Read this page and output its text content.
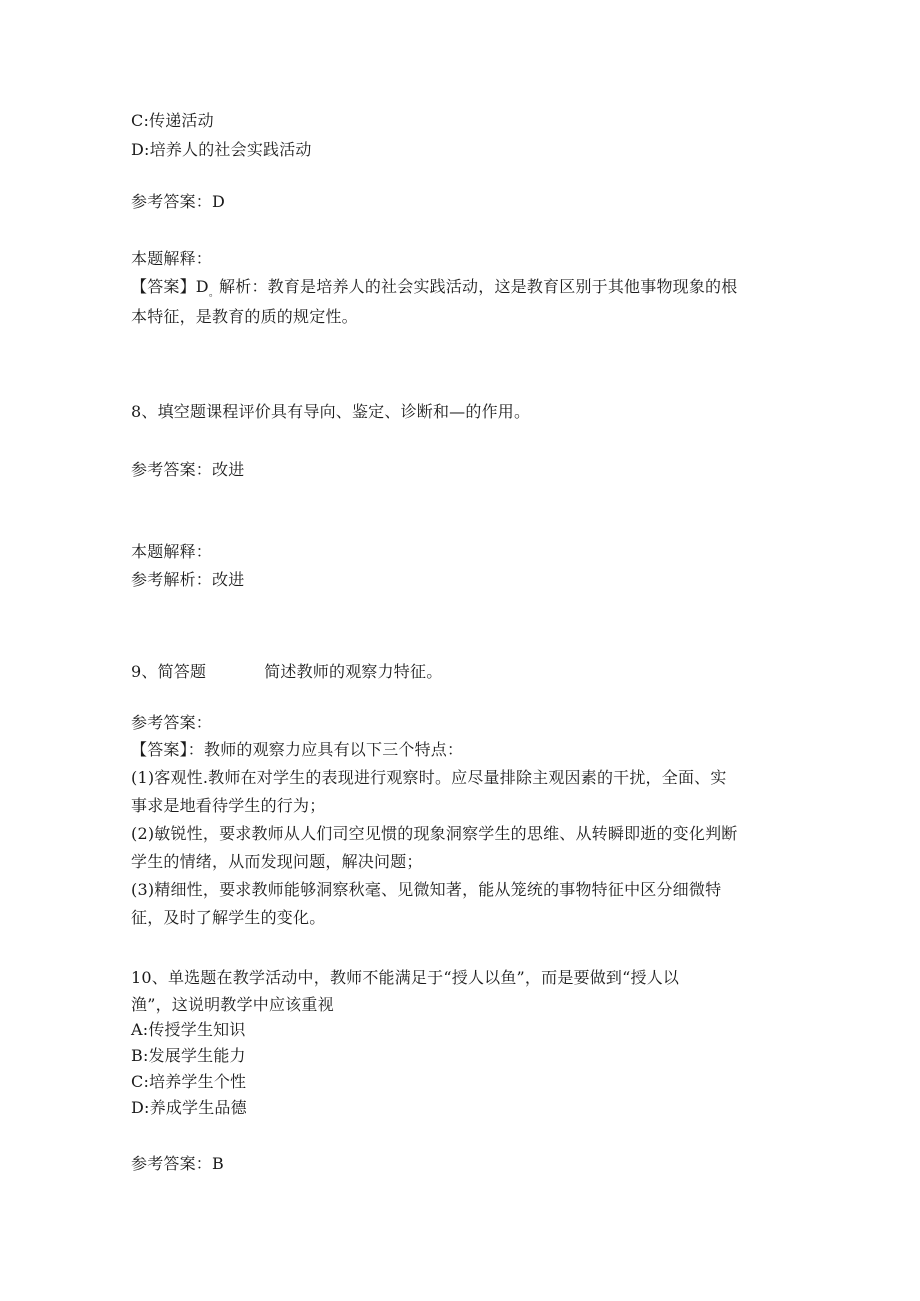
C:传递活动
D:培养人的社会实践活动
参考答案：D
本题解释：
【答案】$D_。$解析：教育是培养人的社会实践活动，这是教育区别于其他事物现象的根
本特征，是教育的质的规定性。
8、填空题课程评价具有导向、鉴定、诊断和—的作用。
参考答案：改进
本题解释：
参考解析：改进
9、简答题	简述教师的观察力特征。
参考答案：
【答案】：教师的观察力应具有以下三个特点：
(1)客观性.教师在对学生的表现进行观察时。应尽量排除主观因素的干扰，全面、实
事求是地看待学生的行为；
(2)敏锐性，要求教师从人们司空见惯的现象洞察学生的思维、从转瞬即逝的变化判断
学生的情绪，从而发现问题，解决问题；
(3)精细性，要求教师能够洞察秋毫、见微知著，能从笼统的事物特征中区分细微特
征，及时了解学生的变化。
10、单选题在教学活动中，教师不能满足于“授人以鱼”，而是要做到“授人以
渔”，这说明教学中应该重视
A:传授学生知识
B:发展学生能力
C:培养学生个性
D:养成学生品德
参考答案：B
